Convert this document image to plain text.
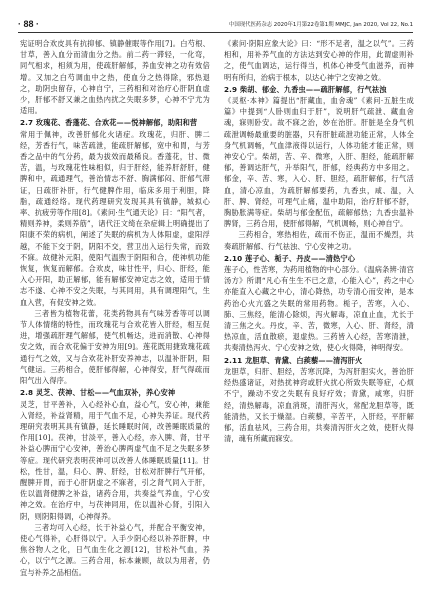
· 88 ·	中国现代医药杂志 2020年1月第22卷第1期 MMJC, Jan 2020, Vol 22, No.1

宪证明合欢皮具有抗抑郁、镇静催眠等作用[7]。白芍根、甘草，善入血分而清血分之热。前二药一滞轻，一化弯，同气相求，相须为用，使疏肝解郁，养血安神之功有效倍增。又加之白芍调血中之热，使血分之热得除，邪热退之，助阴虫留存，心神自宁，三药相和对治疗心肝阴血虚少，肝郁不舒又兼之血热内扰之失眠多梦，心神不宁尤为适用。

2.7 玫瑰花、香蓬花、合欢花——悦神解郁，助阳和营

常用于佩神，改善肝郁化火诸症。玫瑰花，归肝、脾二经，芳香行气，味苦疏泄，能疏肝解郁，宽中和胃，与芳香之品中的气分药，最为拔效而最稀良。香蓬花，甘、微苦，温，与玫瑰花性味相似，归于肝经，能养肝舒肝，健脾和中，疏通理气，善治情志不舒、胸满郁闷、肝郁气滞证，日疏肝补肝，行气健脾作用，临床多用于利胆，降脂，疏通经络。现代药理研究发现其具有镇静，城拟心率、抗疲劳等作用[8]。《素问·生气通天论》曰：“阳气者，精则养神，柔则养筋”，诸代汪文绮在杂症辑上明确提出了阳康不荣的病机，阐述了失眠的病机为人体阳虚，虚阳浮越，不能下交于阴，阴阳不交，营卫出入运行失常，而致不寐。故健补元阳，使阳气温煦于阴阳和合，使神机功能恢复，恢复而解郁。合欢皮，味甘性平，归心、肝经，能入心开阳，助正解郁，能有解郁安神定志之效，适用于情志不遂、心神不安之失眠，与其同用，具有调理阳气，生血入营，有促安神之效。

三者皆为植物花蕾，花类药物具有气味芳香等可以调节人体情绪的特性，而玫瑰花与合欢花皆入肝经，相互促进，增强疏肝理气解郁，使气机畅达，进而消散、心神得安之效，而合欢花偏于安神为用[9]。莲花既用捷致瑰花疏通行气之效，又与合欢花补肝安养神志，以温补肝阴，阳气健运。三药相合，使肝郁得解，心神得安，肝气得疏而阳气出入得序。

2.8 灵芝、茯神、甘松——气血双补，养心安神

灵芝，甘平善补，入心经补心血，益心气，安心神，兼能入肾经，补益肾精，用于气血不足，心神失养证。现代药理研究表明其具有镇静，延长睡眠时间，改善睡眠质量的作用[10]。茯神，甘淡平，善入心经，亦入脾、肾，甘平补益心脾而宁心安神，善治心脾两虚气血不足之失眠多梦等症。现代研究表明茯神可以改善人体睡眠质量[11]。甘松，性甘，温，归心、脾、肝经，甘松对肝脾行气开郁，醒脾开胃，而于心肝阴虚之不寐者，引之肾气同入于肝，佐以温肾健脾之补益，诸药合用，共奏益气养血，宁心安神之效。在治疗中，与茯神同用，佐以温补心肾，引阳入阴，则阴阳得调，心神得养。

三者均可入心经，长于补益心气，并配合平衡安神，使心气得补，心肝得以宁。入手少阴心经以补养肝脾，中焦谷物人之化，日气血生化之源[12]，甘松补气血，养心，以宁气之源。三药合用，标本兼顾，故以为用者，仍宜与补养之品相伍。

《素问·阴阳应象大论》曰：“形不足者，温之以气”。三药相和，用补养气血的方法达到安心神的作用，此谓虚则补之，使气血调达，运行得当，机体心神受气血滋养，而神明有所归，治病于根本，以达心神宁之安神之效。

2.9 柴胡、郁金、九香虫——疏肝解郁，行气祛浊

《灵枢·本神》篇提出“肝藏血，血舍魂”《素问·五脏生成篇》中提到“人卧则血归于肝”，说明肝气疏泄、藏血舍魂，寐则卧安。故不寐之治，妙在治肝。肝脏是全身气机疏泄调畅最重要的脏器，只有肝脏疏泄功能正常，人体全身气机调畅，气血津液得以运行，人体功能才能正常，则神安心宁。柴胡，苦、辛、微寒，入肝、胆经，能疏肝解郁，善调达肝气，升举阳气，肝郁，经典药方中多用之。郁金，辛、苦、寒，入心、肝、胆经，疏肝解郁，行气活血，清心凉血，为疏肝解郁要药，九香虫，咸、温，入肝、脾、肾经，可理气止痛，温中助阳，治疗肝郁不舒，胸胁胀满等症。柴胡与郁金配伍，疏解郁热；九香虫温补脾肾，三药合用，使肝郁得解，气机调畅，则心神自宁。

三药相合，寒热相佐，疏而不伤正，温而不燥烈，共奏疏肝解郁、行气祛浊、宁心安神之功。

2.10 莲子心、栀子、丹皮——清热宁心

莲子心，性苦寒，为药用植物的中心部分。《温病条辨·清宫汤方》所谓“凡心有生生不已之意，心能入心”，药之中心亦能直入心藏之中心，清心降热，功专清心而安神，是本药治心火亢盛之失眠的常用药物。栀子，苦寒，入心、肺、三焦经，能清心除烦，泻火解毒，凉血止血，尤长于清三焦之火。丹皮，辛、苦，微寒，入心、肝、肾经，清热凉血，活血散瘀，退虚热。三药皆入心经，苦寒清泄，共奏清热泻火、宁心安神之效，使心火得降，神明得安。

2.11 龙胆草、青黛、白蒺藜——清泻肝火

龙胆草，归肝、胆经，苦寒沉降，为泻肝胆实火，善治肝经热盛诸证，对热扰神窍或肝火扰心所致失眠等症，心烦不宁，躁动不安之失眠有良好疗效；青黛，咸寒，归肝经，清热解毒，凉血消斑，清肝泻火，常配龙胆草等，既能清热，又长于燥湿。白蒺藜，辛苦平，入肝经，平肝解郁，活血祛风，三药合用，共奏清泻肝火之效，使肝火得清，魂有所藏而寐安。
